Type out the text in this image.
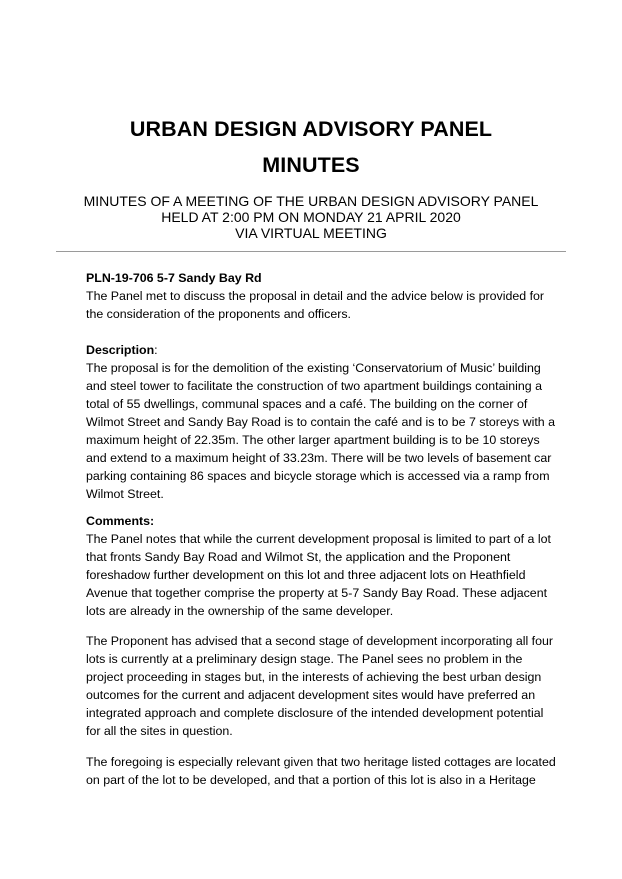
URBAN DESIGN ADVISORY PANEL
MINUTES

MINUTES OF A MEETING OF THE URBAN DESIGN ADVISORY PANEL

HELD AT 2:00 PM ON MONDAY 21 APRIL 2020

VIA VIRTUAL MEETING

PLN-19-706 5-7 Sandy Bay Rd

The Panel met to discuss the proposal in detail and the advice below is provided for
the consideration of the proponents and officers.

Description:

The proposal is for the demolition of the existing ‘Conservatorium of Music’ building
and steel tower to facilitate the construction of two apartment buildings containing a
total of 55 dwellings, communal spaces and a café. The building on the corner of
Wilmot Street and Sandy Bay Road is to contain the café and is to be 7 storeys with a
maximum height of 22.35m. The other larger apartment building is to be 10 storeys
and extend to a maximum height of 33.23m. There will be two levels of basement car
parking containing 86 spaces and bicycle storage which is accessed via a ramp from
Wilmot Street.

Comments:

The Panel notes that while the current development proposal is limited to part of a lot
that fronts Sandy Bay Road and Wilmot St, the application and the Proponent
foreshadow further development on this lot and three adjacent lots on Heathfield
Avenue that together comprise the property at 5-7 Sandy Bay Road. These adjacent
lots are already in the ownership of the same developer.

The Proponent has advised that a second stage of development incorporating all four
lots is currently at a preliminary design stage. The Panel sees no problem in the
project proceeding in stages but, in the interests of achieving the best urban design
outcomes for the current and adjacent development sites would have preferred an
integrated approach and complete disclosure of the intended development potential
for all the sites in question.

The foregoing is especially relevant given that two heritage listed cottages are located
on part of the lot to be developed, and that a portion of this lot is also in a Heritage
